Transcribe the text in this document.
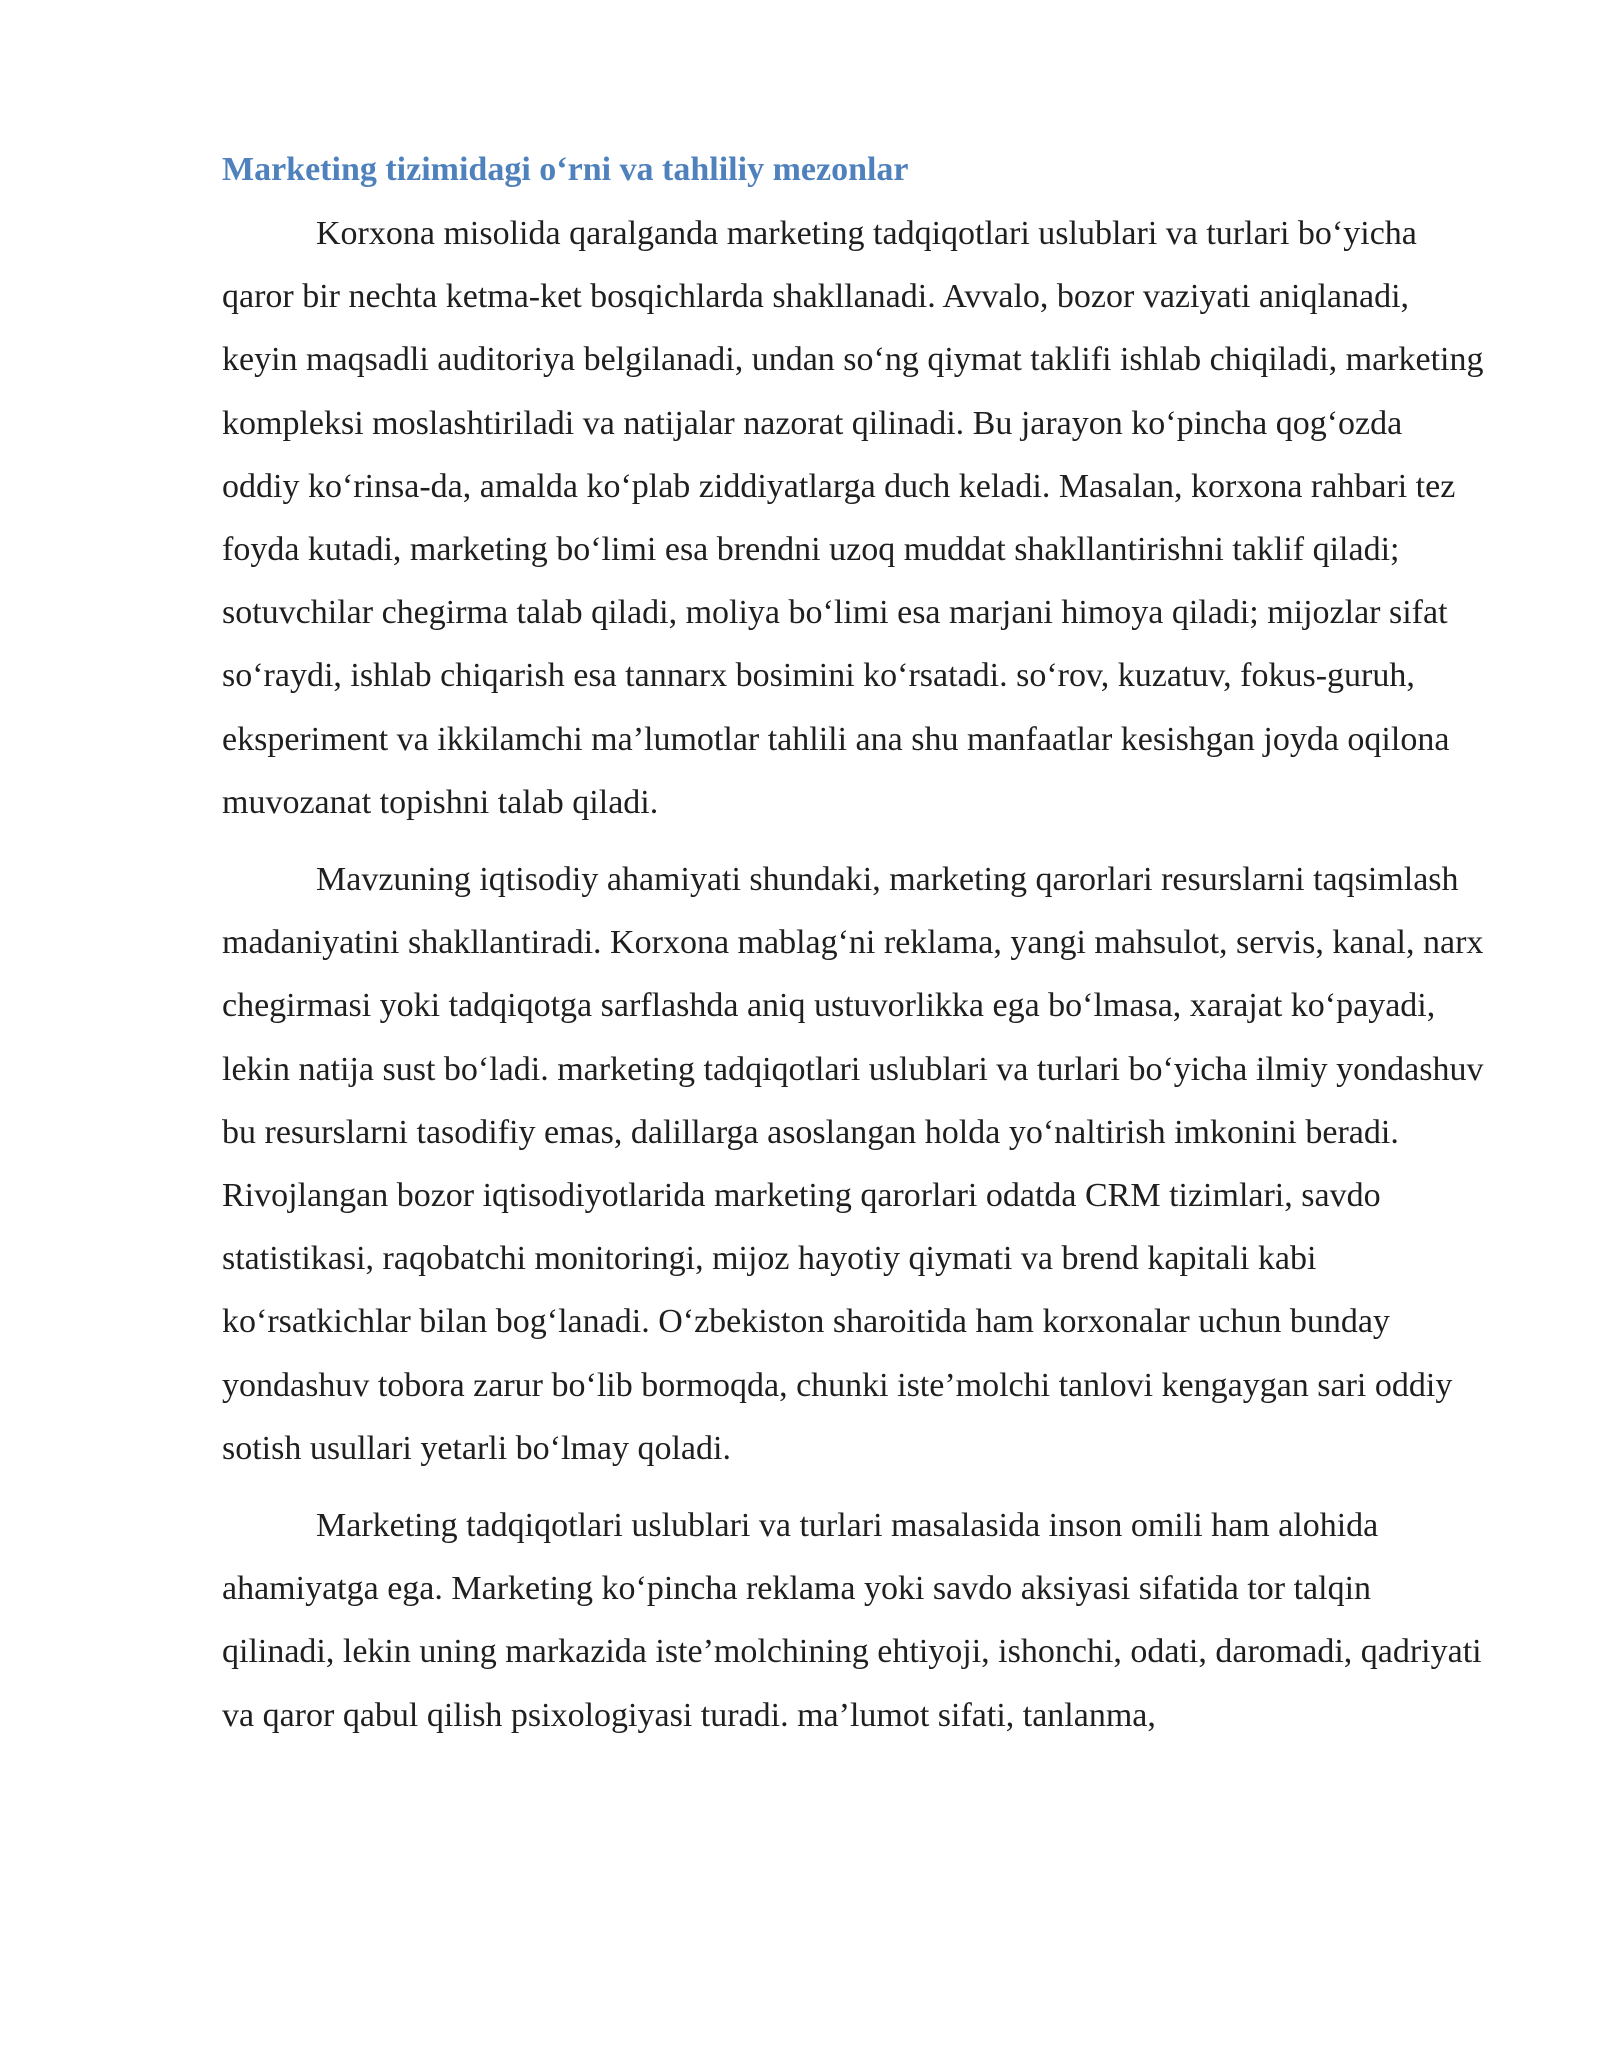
Marketing tizimidagi o‘rni va tahliliy mezonlar

Korxona misolida qaralganda marketing tadqiqotlari uslublari va turlari bo‘yicha qaror bir nechta ketma-ket bosqichlarda shakllanadi. Avvalo, bozor vaziyati aniqlanadi, keyin maqsadli auditoriya belgilanadi, undan so‘ng qiymat taklifi ishlab chiqiladi, marketing kompleksi moslashtiriladi va natijalar nazorat qilinadi. Bu jarayon ko‘pincha qog‘ozda oddiy ko‘rinsa-da, amalda ko‘plab ziddiyatlarga duch keladi. Masalan, korxona rahbari tez foyda kutadi, marketing bo‘limi esa brendni uzoq muddat shakllantirishni taklif qiladi; sotuvchilar chegirma talab qiladi, moliya bo‘limi esa marjani himoya qiladi; mijozlar sifat so‘raydi, ishlab chiqarish esa tannarx bosimini ko‘rsatadi. so‘rov, kuzatuv, fokus-guruh, eksperiment va ikkilamchi ma’lumotlar tahlili ana shu manfaatlar kesishgan joyda oqilona muvozanat topishni talab qiladi.

Mavzuning iqtisodiy ahamiyati shundaki, marketing qarorlari resurslarni taqsimlash madaniyatini shakllantiradi. Korxona mablag‘ni reklama, yangi mahsulot, servis, kanal, narx chegirmasi yoki tadqiqotga sarflashda aniq ustuvorlikka ega bo‘lmasa, xarajat ko‘payadi, lekin natija sust bo‘ladi. marketing tadqiqotlari uslublari va turlari bo‘yicha ilmiy yondashuv bu resurslarni tasodifiy emas, dalillarga asoslangan holda yo‘naltirish imkonini beradi. Rivojlangan bozor iqtisodiyotlarida marketing qarorlari odatda CRM tizimlari, savdo statistikasi, raqobatchi monitoringi, mijoz hayotiy qiymati va brend kapitali kabi ko‘rsatkichlar bilan bog‘lanadi. O‘zbekiston sharoitida ham korxonalar uchun bunday yondashuv tobora zarur bo‘lib bormoqda, chunki iste’molchi tanlovi kengaygan sari oddiy sotish usullari yetarli bo‘lmay qoladi.

Marketing tadqiqotlari uslublari va turlari masalasida inson omili ham alohida ahamiyatga ega. Marketing ko‘pincha reklama yoki savdo aksiyasi sifatida tor talqin qilinadi, lekin uning markazida iste’molchining ehtiyoji, ishonchi, odati, daromadi, qadriyati va qaror qabul qilish psixologiyasi turadi. ma’lumot sifati, tanlanma,
